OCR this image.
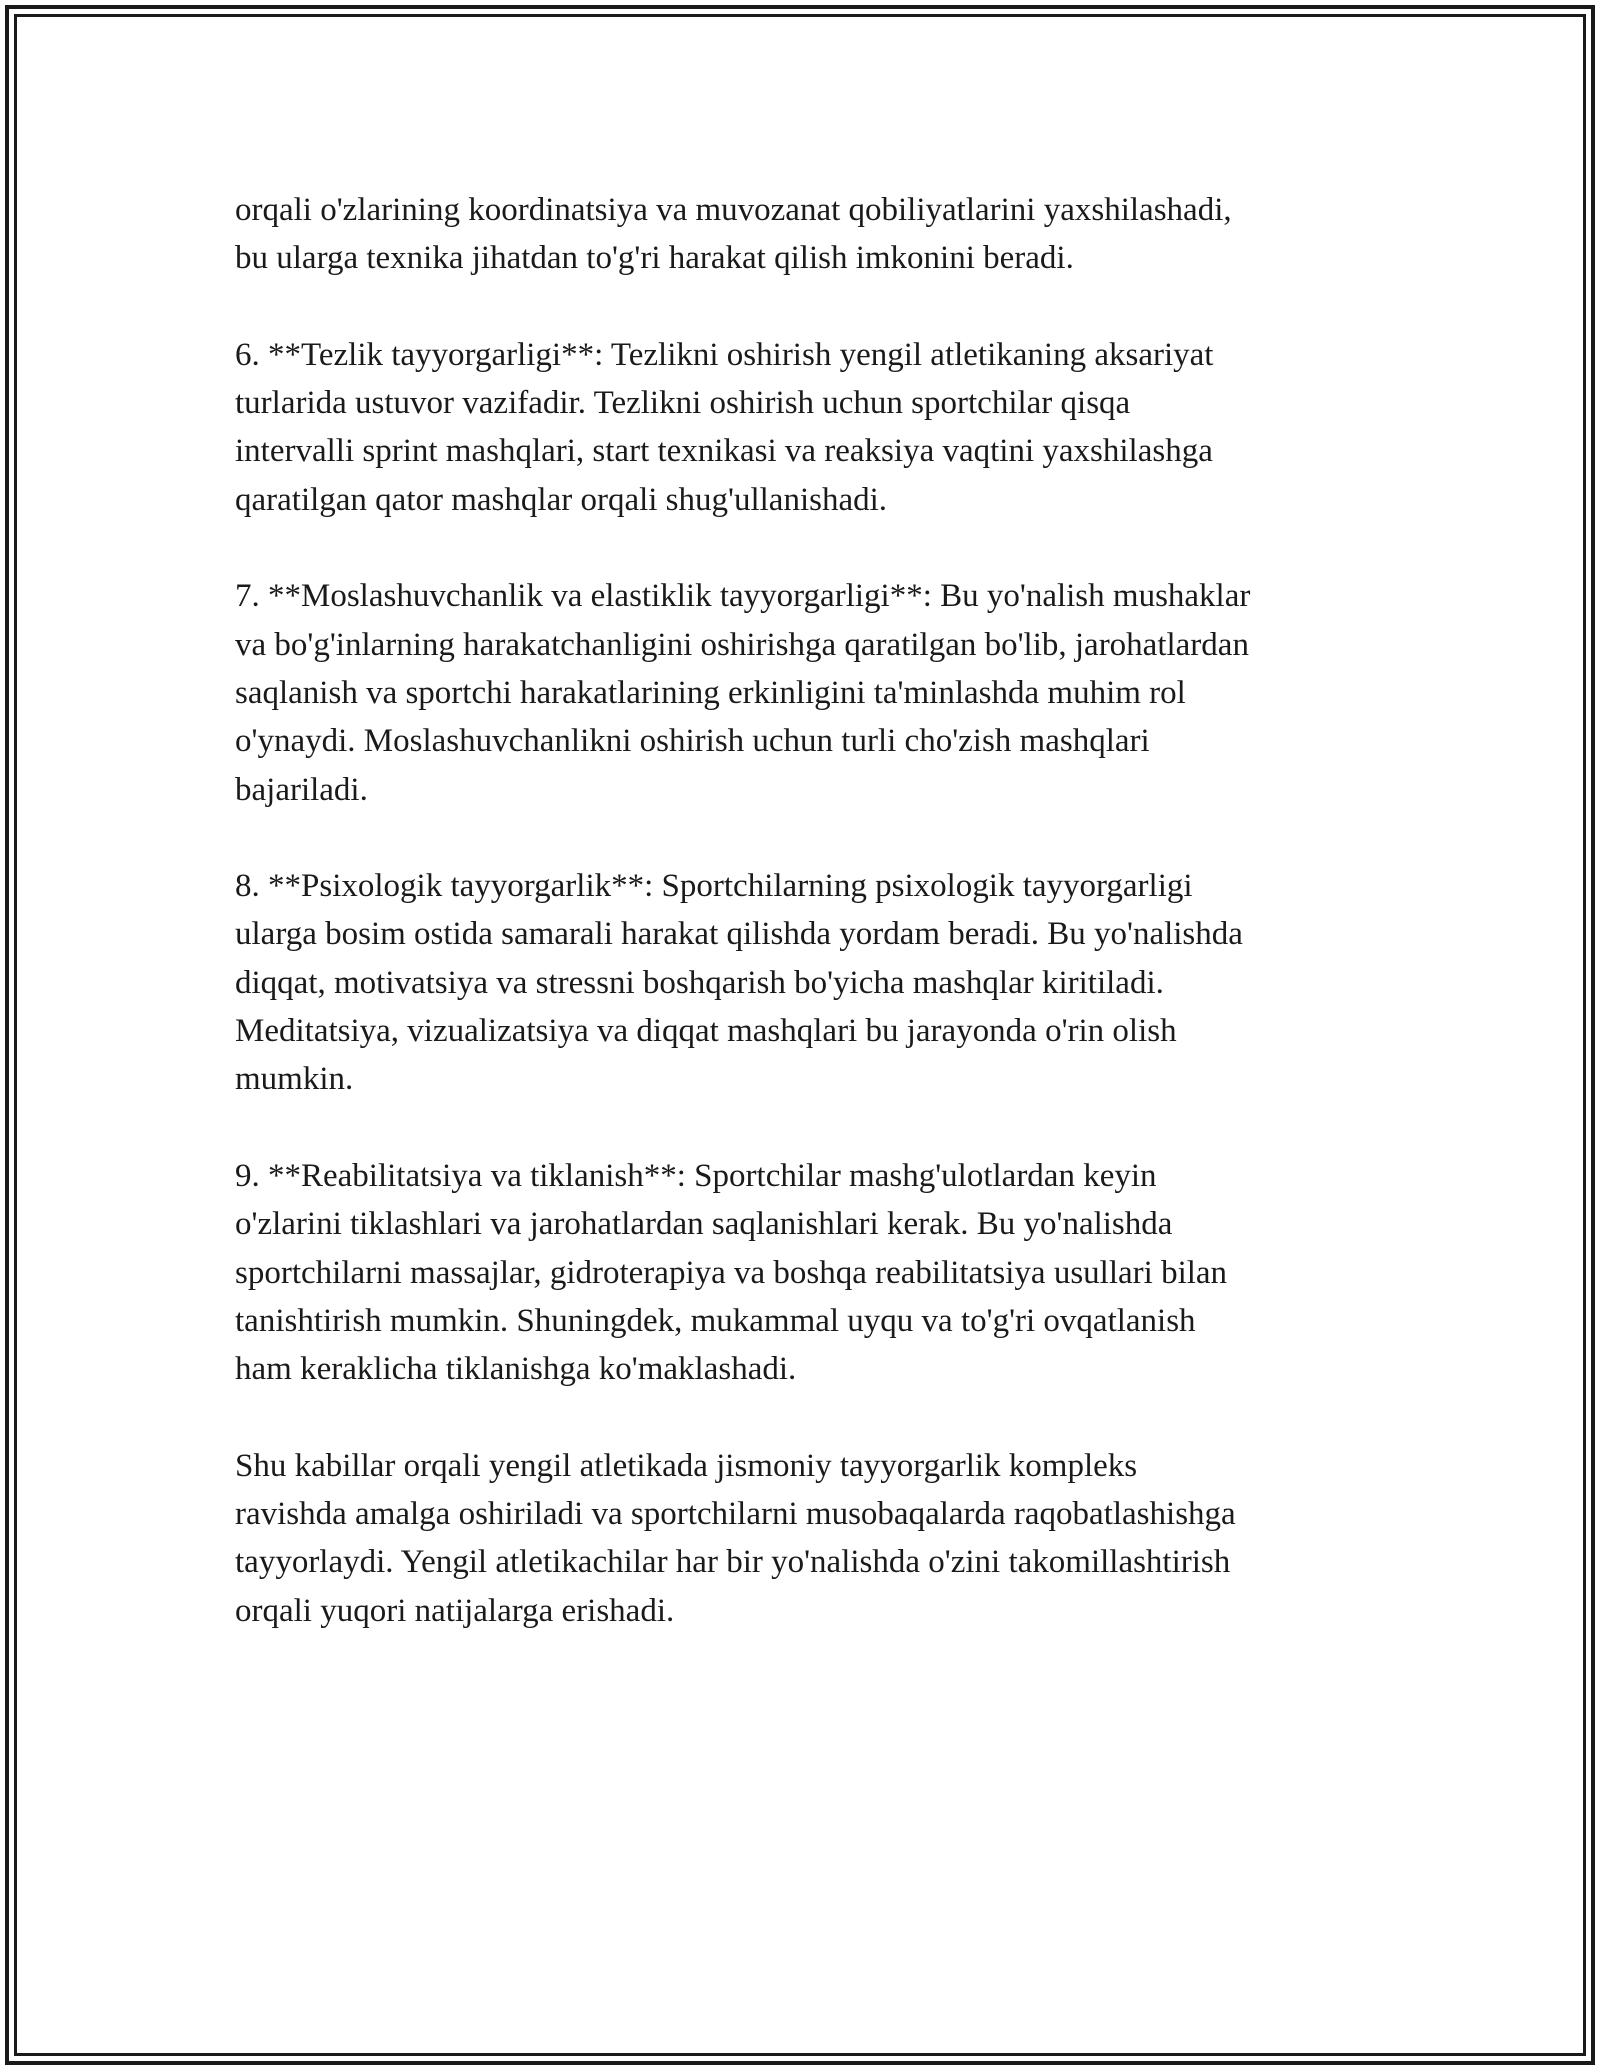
orqali o'zlarining koordinatsiya va muvozanat qobiliyatlarini yaxshilashadi,
bu ularga texnika jihatdan to'g'ri harakat qilish imkonini beradi.

6. **Tezlik tayyorgarligi**: Tezlikni oshirish yengil atletikaning aksariyat
turlarida ustuvor vazifadir. Tezlikni oshirish uchun sportchilar qisqa
intervalli sprint mashqlari, start texnikasi va reaksiya vaqtini yaxshilashga
qaratilgan qator mashqlar orqali shug'ullanishadi.

7. **Moslashuvchanlik va elastiklik tayyorgarligi**: Bu yo'nalish mushaklar
va bo'g'inlarning harakatchanligini oshirishga qaratilgan bo'lib, jarohatlardan
saqlanish va sportchi harakatlarining erkinligini ta'minlashda muhim rol
o'ynaydi. Moslashuvchanlikni oshirish uchun turli cho'zish mashqlari
bajariladi.

8. **Psixologik tayyorgarlik**: Sportchilarning psixologik tayyorgarligi
ularga bosim ostida samarali harakat qilishda yordam beradi. Bu yo'nalishda
diqqat, motivatsiya va stressni boshqarish bo'yicha mashqlar kiritiladi.
Meditatsiya, vizualizatsiya va diqqat mashqlari bu jarayonda o'rin olish
mumkin.

9. **Reabilitatsiya va tiklanish**: Sportchilar mashg'ulotlardan keyin
o'zlarini tiklashlari va jarohatlardan saqlanishlari kerak. Bu yo'nalishda
sportchilarni massajlar, gidroterapiya va boshqa reabilitatsiya usullari bilan
tanishtirish mumkin. Shuningdek, mukammal uyqu va to'g'ri ovqatlanish
ham keraklicha tiklanishga ko'maklashadi.

Shu kabillar orqali yengil atletikada jismoniy tayyorgarlik kompleks
ravishda amalga oshiriladi va sportchilarni musobaqalarda raqobatlashishga
tayyorlaydi. Yengil atletikachilar har bir yo'nalishda o'zini takomillashtirish
orqali yuqori natijalarga erishadi.
